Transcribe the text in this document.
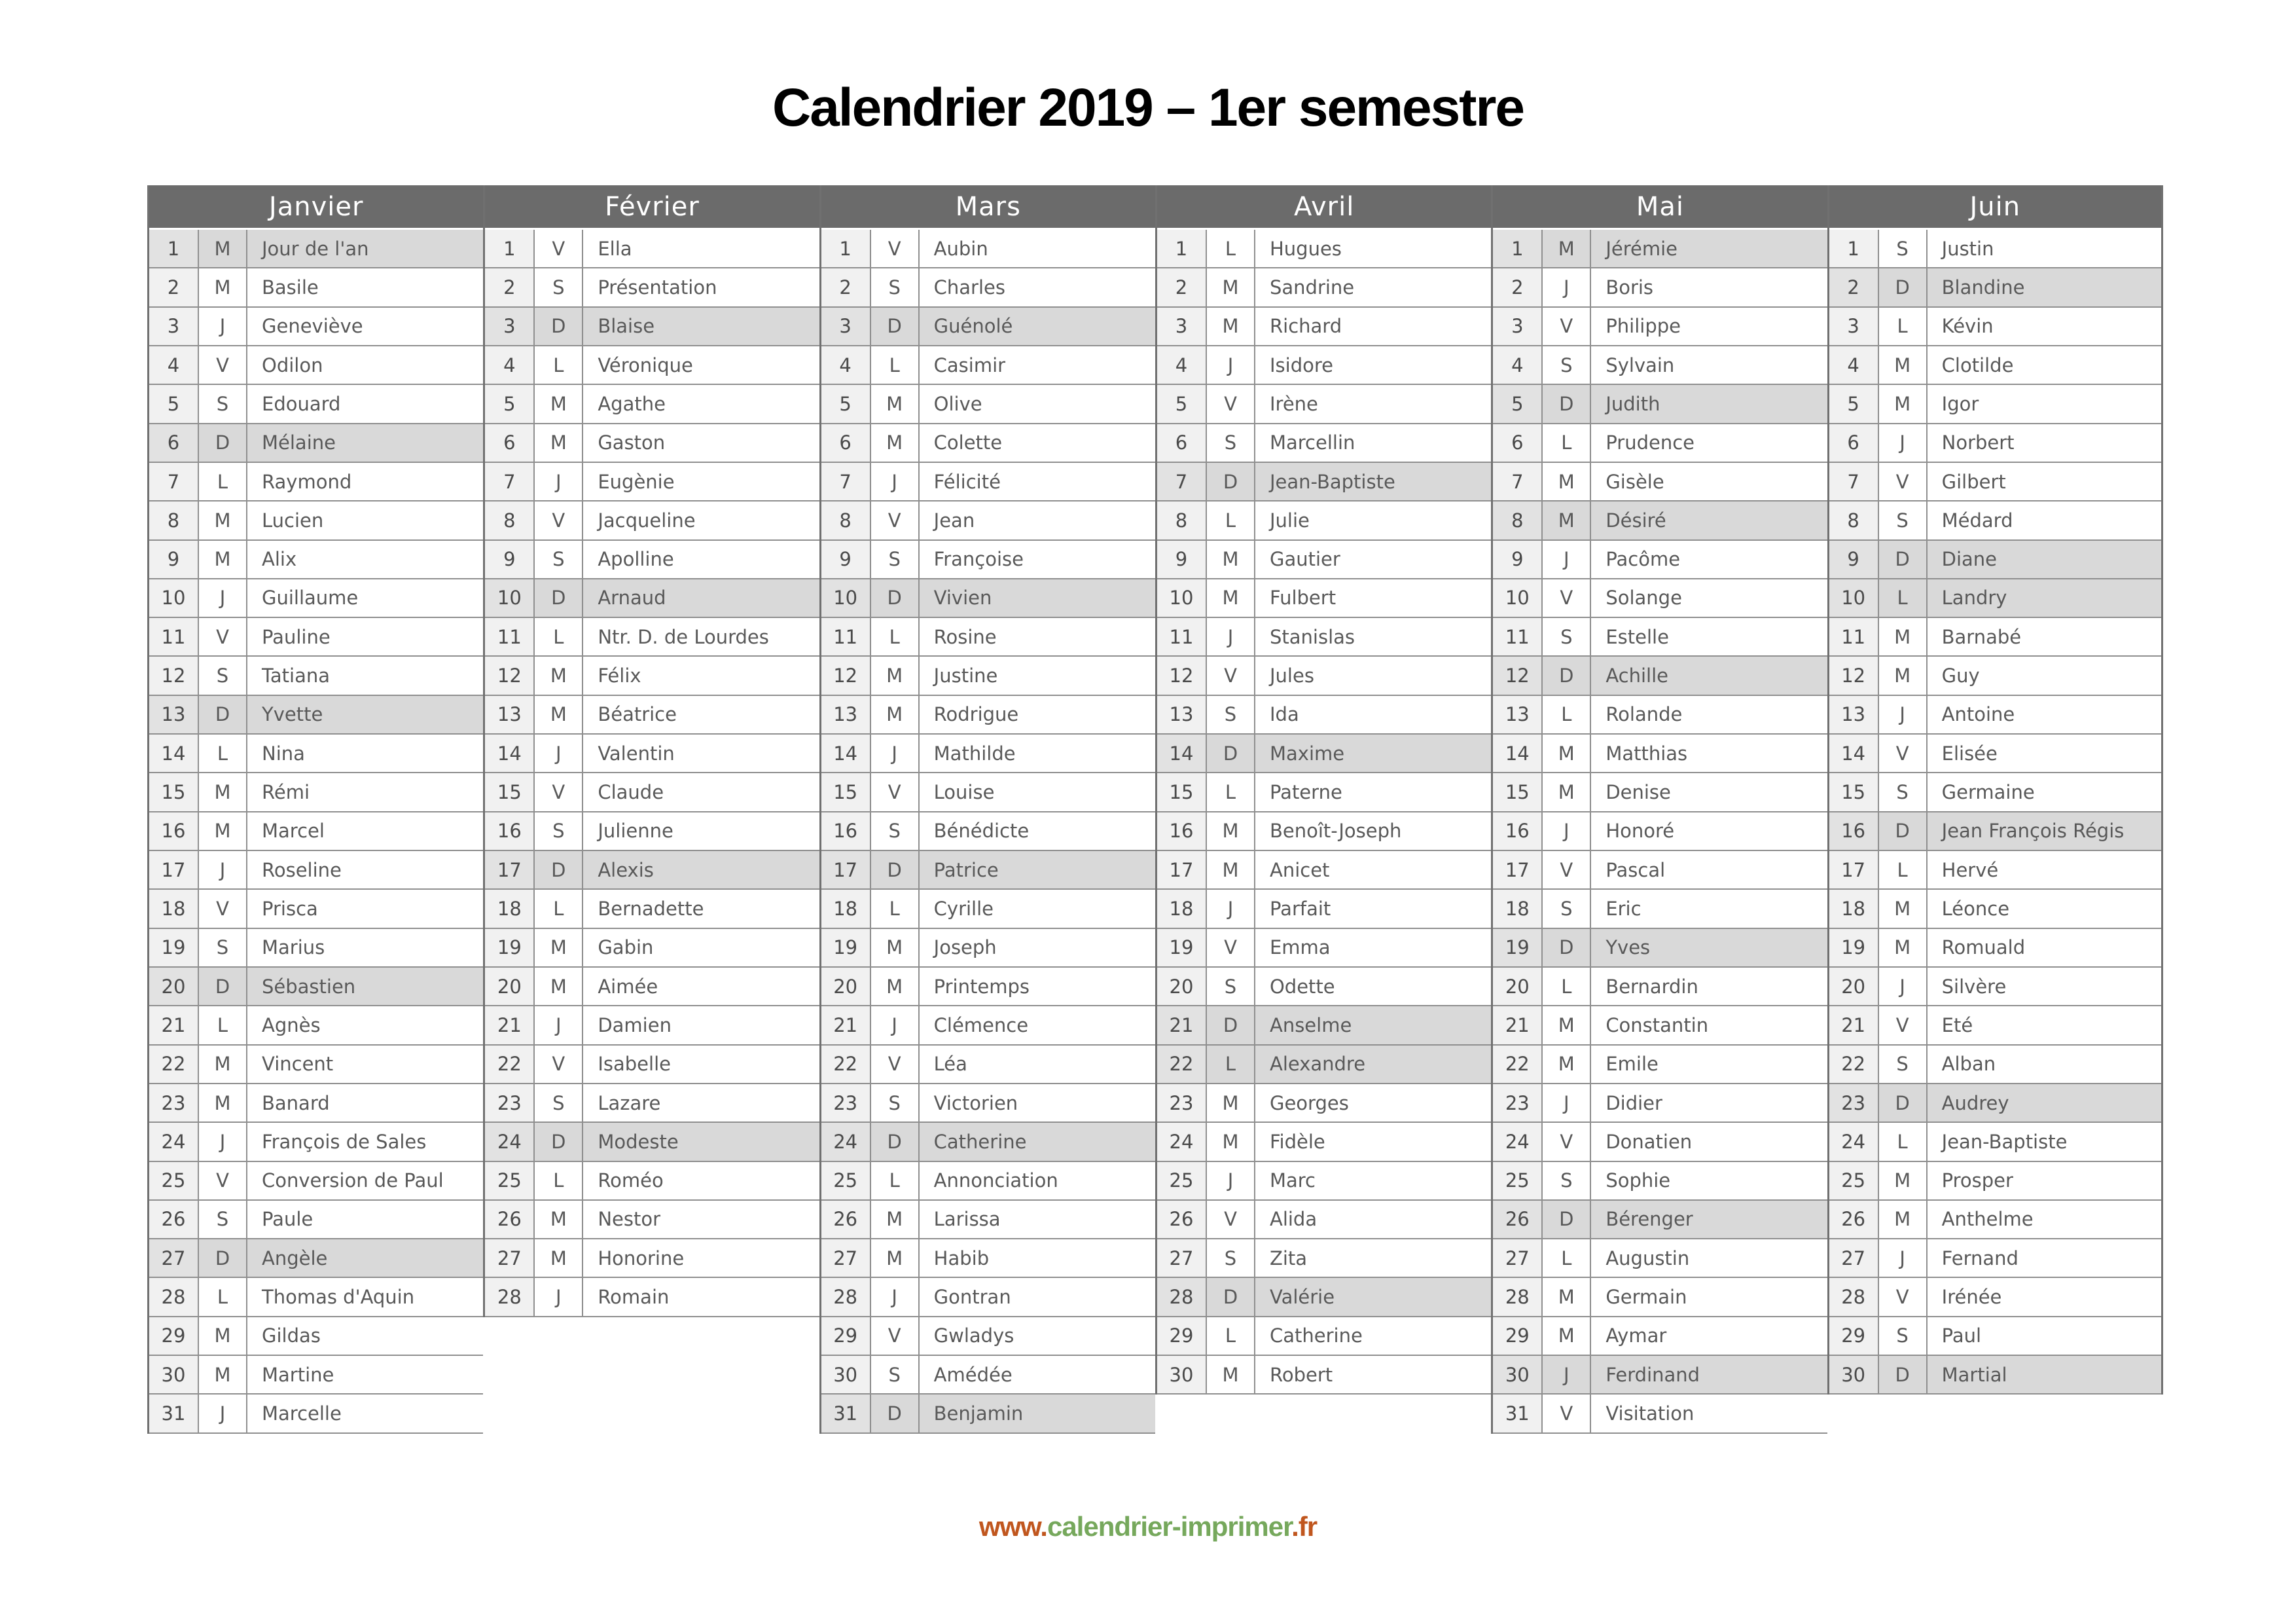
Calendrier 2019 – 1er semestre
Janvier
1	M	Jour de l'an
2	M	Basile
3	J	Geneviève
4	V	Odilon
5	S	Edouard
6	D	Mélaine
7	L	Raymond
8	M	Lucien
9	M	Alix
10	J	Guillaume
11	V	Pauline
12	S	Tatiana
13	D	Yvette
14	L	Nina
15	M	Rémi
16	M	Marcel
17	J	Roseline
18	V	Prisca
19	S	Marius
20	D	Sébastien
21	L	Agnès
22	M	Vincent
23	M	Banard
24	J	François de Sales
25	V	Conversion de Paul
26	S	Paule
27	D	Angèle
28	L	Thomas d'Aquin
29	M	Gildas
30	M	Martine
31	J	Marcelle
Février
1	V	Ella
2	S	Présentation
3	D	Blaise
4	L	Véronique
5	M	Agathe
6	M	Gaston
7	J	Eugènie
8	V	Jacqueline
9	S	Apolline
10	D	Arnaud
11	L	Ntr. D. de Lourdes
12	M	Félix
13	M	Béatrice
14	J	Valentin
15	V	Claude
16	S	Julienne
17	D	Alexis
18	L	Bernadette
19	M	Gabin
20	M	Aimée
21	J	Damien
22	V	Isabelle
23	S	Lazare
24	D	Modeste
25	L	Roméo
26	M	Nestor
27	M	Honorine
28	J	Romain
Mars
1	V	Aubin
2	S	Charles
3	D	Guénolé
4	L	Casimir
5	M	Olive
6	M	Colette
7	J	Félicité
8	V	Jean
9	S	Françoise
10	D	Vivien
11	L	Rosine
12	M	Justine
13	M	Rodrigue
14	J	Mathilde
15	V	Louise
16	S	Bénédicte
17	D	Patrice
18	L	Cyrille
19	M	Joseph
20	M	Printemps
21	J	Clémence
22	V	Léa
23	S	Victorien
24	D	Catherine
25	L	Annonciation
26	M	Larissa
27	M	Habib
28	J	Gontran
29	V	Gwladys
30	S	Amédée
31	D	Benjamin
Avril
1	L	Hugues
2	M	Sandrine
3	M	Richard
4	J	Isidore
5	V	Irène
6	S	Marcellin
7	D	Jean-Baptiste
8	L	Julie
9	M	Gautier
10	M	Fulbert
11	J	Stanislas
12	V	Jules
13	S	Ida
14	D	Maxime
15	L	Paterne
16	M	Benoît-Joseph
17	M	Anicet
18	J	Parfait
19	V	Emma
20	S	Odette
21	D	Anselme
22	L	Alexandre
23	M	Georges
24	M	Fidèle
25	J	Marc
26	V	Alida
27	S	Zita
28	D	Valérie
29	L	Catherine
30	M	Robert
Mai
1	M	Jérémie
2	J	Boris
3	V	Philippe
4	S	Sylvain
5	D	Judith
6	L	Prudence
7	M	Gisèle
8	M	Désiré
9	J	Pacôme
10	V	Solange
11	S	Estelle
12	D	Achille
13	L	Rolande
14	M	Matthias
15	M	Denise
16	J	Honoré
17	V	Pascal
18	S	Eric
19	D	Yves
20	L	Bernardin
21	M	Constantin
22	M	Emile
23	J	Didier
24	V	Donatien
25	S	Sophie
26	D	Bérenger
27	L	Augustin
28	M	Germain
29	M	Aymar
30	J	Ferdinand
31	V	Visitation
Juin
1	S	Justin
2	D	Blandine
3	L	Kévin
4	M	Clotilde
5	M	Igor
6	J	Norbert
7	V	Gilbert
8	S	Médard
9	D	Diane
10	L	Landry
11	M	Barnabé
12	M	Guy
13	J	Antoine
14	V	Elisée
15	S	Germaine
16	D	Jean François Régis
17	L	Hervé
18	M	Léonce
19	M	Romuald
20	J	Silvère
21	V	Eté
22	S	Alban
23	D	Audrey
24	L	Jean-Baptiste
25	M	Prosper
26	M	Anthelme
27	J	Fernand
28	V	Irénée
29	S	Paul
30	D	Martial
www.calendrier-imprimer.fr
